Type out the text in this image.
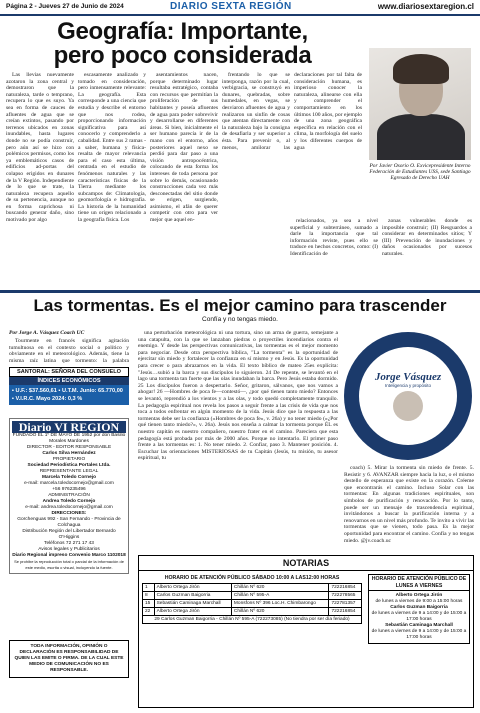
Página 2 - Jueves 27 de Junio de 2024	DIARIO SEXTA REGIÓN	www.diariosextaregion.cl
Geografía: Importante,
pero poco considerada

Las llevias nuevamente azotaron la zona central y demostraron que la naturaleza, tarde o temprano, recupera lo que es suyo. Ya sea en forma de cauces de afluentes de agua que se creían extintos, pasando por terrenos ubicados en zonas inundables, hasta lugares donde no se podía construir, pero aún así se hizo con polémicos permisos, como los ya emblemáticos casos de edificios ad-portas del colapso erigidos en dunares de la V Región. Independiente de lo que se trate, la naturaleza recupera aquello de su pertenencia, aunque no en forma caprichosa ni buscando generar daño, sino motivado por algo

escasamente analizado y tomado en consideración, pero inmensamente relevante: La geografía. Esta corresponde a una ciencia que estudia y describe el entorno que nos rodea, proporcionando información significativa para así conocerlo y comprenderlo a cabalidad. Entre sus 2 ramas -a saber, humana y física- resalta de mayor relevancia para el caso esta última, centrada en el estudio de fenómenos naturales y las características físicas de la Tierra mediante los subcampos de: Climatología, geomorfología e hidrografía. La historia de la humanidad tiene un origen relacionado a la geografía física. Los

asentamientos nacen, porque determinado lugar resultaba estratégico, contaba con recursos que permitían la proliferación de sus habitantes y poseía afluentes de agua para poder sobrevivir y desarrollarse en diferentes áreas. Si bien, inicialmente el ser humano parecía ir de la mano con el entorno, años posteriores aquel nexo se perdió para dar paso a una visión antropocéntrica, colocando de esta forma los intereses de toda persona por sobre lo demás, ocasionando construcciones cada vez más desconectadas del sitio donde se erigen, surgiendo, asimismo, el afán de querer competir con otro para ver mejor que aquel en-

frentando lo que se interponga, razón por la cual, verbigracia, se construyó en dunares, quebradas, sobre humedales, en vegas, se desviaron afluentes de agua y realizaron un sinfín de cosas que atentan directamente con la naturaleza bajo la consigna de desafiarla y ser superior a ésta. Para prevenir o, al menos, amilorar las declaraciones por tal falta de consideración humana, es imperioso conocer la naturaleza, alinearse con ella y comprender el comportamiento en los últimos 100 años, por ejemplo de una zona geográfica específica en relación con el clima, la morfología del suelo y los diferentes cuerpos de agua

Por Javier Osorio O. Exvicepresidente Interno Federación de Estudiantes USS, sede Santiago Egresado de Derecho UAH

relacionados, ya sea a nivel superficial y subterráneo, sumado a darle la importancia que tal información reviste, pues ello se traduce en hechos concretos, como: (I) Identificación de

zonas vulnerables donde es imposible construir; (II) Resguardos a considerar en determinados sitios; Y (III) Prevención de inundaciones y daños ocasionados por sucesos naturales.

Las tormentas. Es el mejor camino para trascender
Confía y no tengas miedo.
Por Jorge A. Vásquez Coach UC

Tourmente en francés significa agitación tumultuosa en el contexto social o político y obviamente en el meteorológico. Además, tiene la misma raíz latina que tormento: la palabra

SANTORAL: SEÑORA DEL CONSUELO
ÍNDICES ECONÓMICOS
▪ U.F.: $37.560,61 ▪ U.T.M. Junio: 65.770,00
▪ V.I.R.C. Mayo 2024: 0,3 %
Diario VI REGION
FUNDADO EL 1º DE MAYO DE 1952 por don Basilio Morales Mardones
DIRECTOR - EDITOR RESPONSABLE
Carlos Silva Hernández
PROPIETARIO
Sociedad Periodística Portales Ltda.
REPRESENTANTE LEGAL
Marcela Toledo Cornejo
e-mail: marcela.toledocornejo@gmail.com
+56 976235496
ADMINISTRACIÓN
Andrea Toledo Cornejo
e-mail: andrea.toledocornejo@gmail.com
DIRECCIONES:
Gorchenguas 992 - San Fernando - Provincia de Colchagua
Distribución Región del Libertador Bernardo O'Higgins
Teléfonos 72 271 17 43
Avisos legales y Publicitarios
Diario Regional impreso Convenio Marco 1102018
Se prohibe la reproducción total o parcial de la información de este medio, escrita o visual, incluyendo la fuente.
TODA INFORMACIÓN, OPINIÓN O DECLARACIÓN ES RESPONSABILIDAD DE QUIEN LAS EMITE O FIRMA. DE LA CUAL ESTE MEDIO DE COMUNICACIÓN NO ES RESPONSABLE.

una perturbación meteorológica ni una tortura, sino un arma de guerra, semejante a una catapulta, con la que se lanzaban piedras o proyectiles incendiarios contra el enemigo. Y desde las perspectivas comunicativas, las tormentas es el mejor momento para negociar. Desde otra perspectiva bíblica, "La tormenta" es la oportunidad de ejercitar sin miedo y fortalecer la confianza en sí mismo y en Jesús. Es la oportunidad para crecer o para abrazarnos en la vida. El texto bíblico de mateo 25es explícita: "Jesús…subió a la barca y sus discípulos lo siguieron. 24 De repente, se levantó en el lago una tormenta tan fuerte que las olas inundaban la barca. Pero Jesús estaba dormido. 25 Los discípulos fueron a despertarlo. Señor, gritaron, sálvanos, que nos vamos a ahogar! 26 —Hombres de poca fe—contestó—, ¿por qué tienen tanto miedo? Entonces se levantó, reprendió a los vientos y a las olas, y todo quedó completamente tranquilo. La pedagogía espiritual nos revela los pasos a seguir frente a las crisis de vida que nos toca a todos enfrentar en algún momento de la vida. Jesús dice que la respuesta a las tormentas debe ser la confianza (»Hombres de poca fe», v. 26a) y no tener miedo («¿Por qué tienen tanto miedo?», v. 26a). Jesús nos enseña a calmar la tormenta porque ÉL es nuestro capitán es nuestro compañero, nuestro frater en el camino. Pareciera que esta pedagogía está probada por más de 2000 años. Porque no intentarlo. El primer paso frente a las tormentas es: 1. No tener miedo. 2. Confiar, paso 3. Mantener posición. 4. Escuchar las orientaciones MISTERIOSAS de tu Capitán (Jesús, tu misión, tu asesor espiritual, tu

Jorge Vásquez
Inteligencia y propósito

coach) 5. Mirar la tormenta sin miedo de frente. 5. Resistir y 6. AVANZAR siempre hacia la luz, o el mismo destello de esperanza que existe en la corazón. Créeme que encontrarás el camino. Incluso Solar con las tormentas: En algunas tradiciones espirituales, son símbolos de purificación y renovación. Por lo tanto, puede ser un mensaje de trascendencia espiritual, invitándonos a buscar la purificación interna y a renovarnos en un nivel más profundo. Te invito a vivir las tormentas que se vienen, todo pasa. Es la mejor oportunidad para encontrar el camino. Confía y no tengas miedo. @jv.coach.uc

NOTARIAS
HORARIO DE ATENCIÓN PÚBLICO SÁBADO 10:00 A LAS12:00 HORAS
1	Alberto Ortega Jirón	Chillán Nº 620	722216854
8	Carlos Guzman Baigorria	Chillán Nº 595-A	722278565
15	Sebastián Caminaga Marchall	Monsfons Nº 396 Loc.H. Chimbarongo	722781357
22	Alberto Ortega Jirón	Chillán Nº 620	722216854
29 Carlos Guzman Baigorria - Chillán Nº 595-A (722273085) (No tiendra por ser día feriado)
HORARIO DE ATENCIÓN PÚBLICO DE LUNES A VIERNES
Alberto Ortega Jirón
de lunes a viernes de 9:00 a 15:00 horas
Carlos Guzman Baigorria
de lunes a viernes de 9 a 14:00 y de 15:00 a 17:00 horas
Sebastián Caminaga Marchall
de lunes a viernes de 9 a 14:00 y de 15:00 a 17:00 horas
